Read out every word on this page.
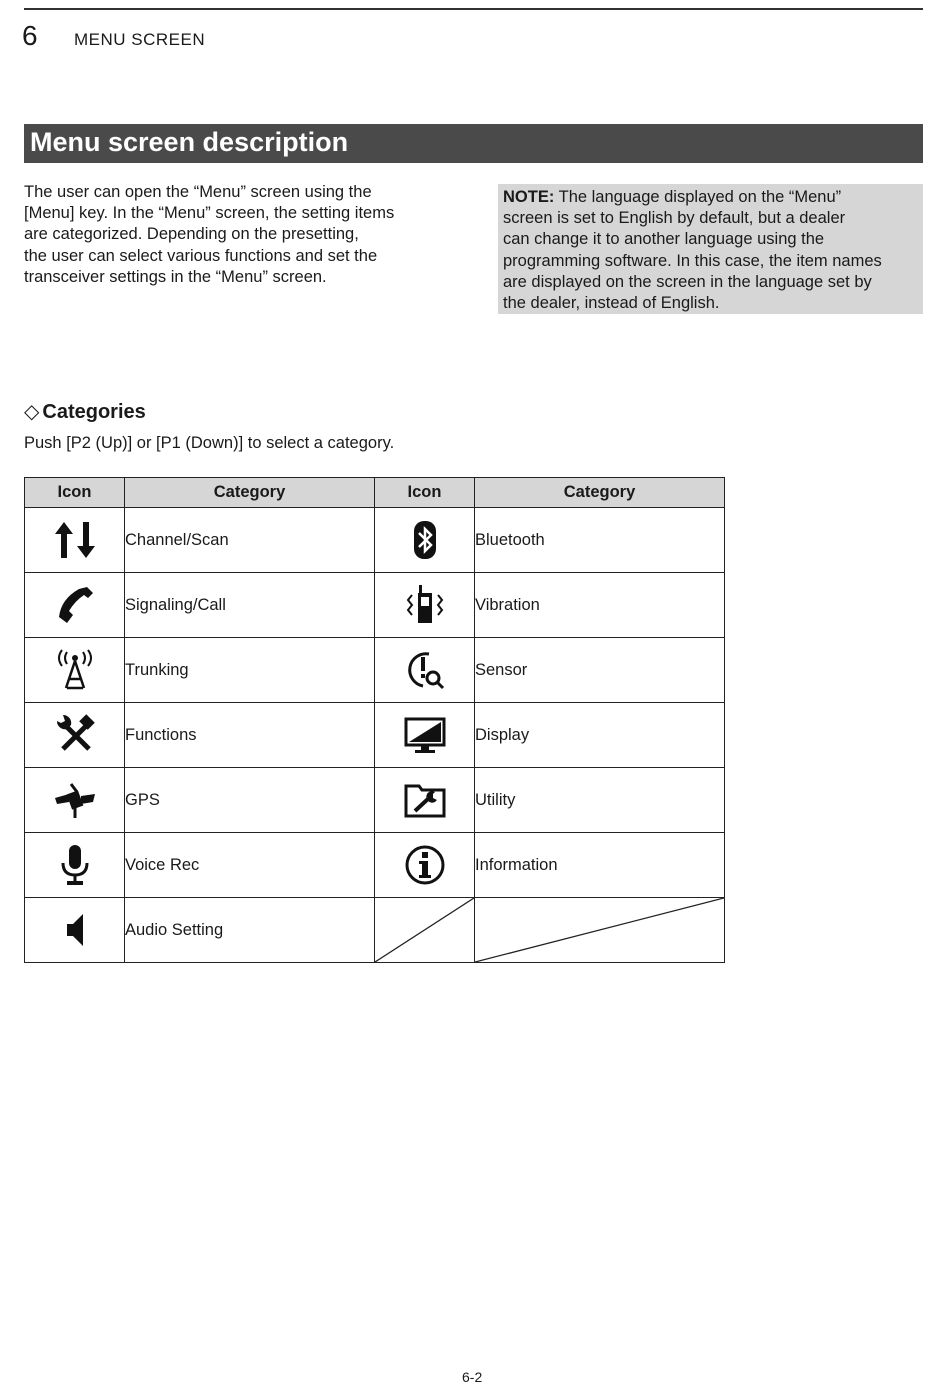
6 MENU SCREEN
Menu screen description

The user can open the “Menu” screen using the
[Menu] key. In the “Menu” screen, the setting items
are categorized. Depending on the presetting,
the user can select various functions and set the
transceiver settings in the “Menu” screen.

NOTE: The language displayed on the “Menu”
screen is set to English by default, but a dealer
can change it to another language using the
programming software. In this case, the item names
are displayed on the screen in the language set by
the dealer, instead of English.

◇ Categories
Push [P2 (Up)] or [P1 (Down)] to select a category.
Icon	Category	Icon	Category
	Channel/Scan		Bluetooth
	Signaling/Call		Vibration
	Trunking		Sensor
	Functions		Display
	GPS		Utility
	Voice Rec		Information
	Audio Setting	

6-2
